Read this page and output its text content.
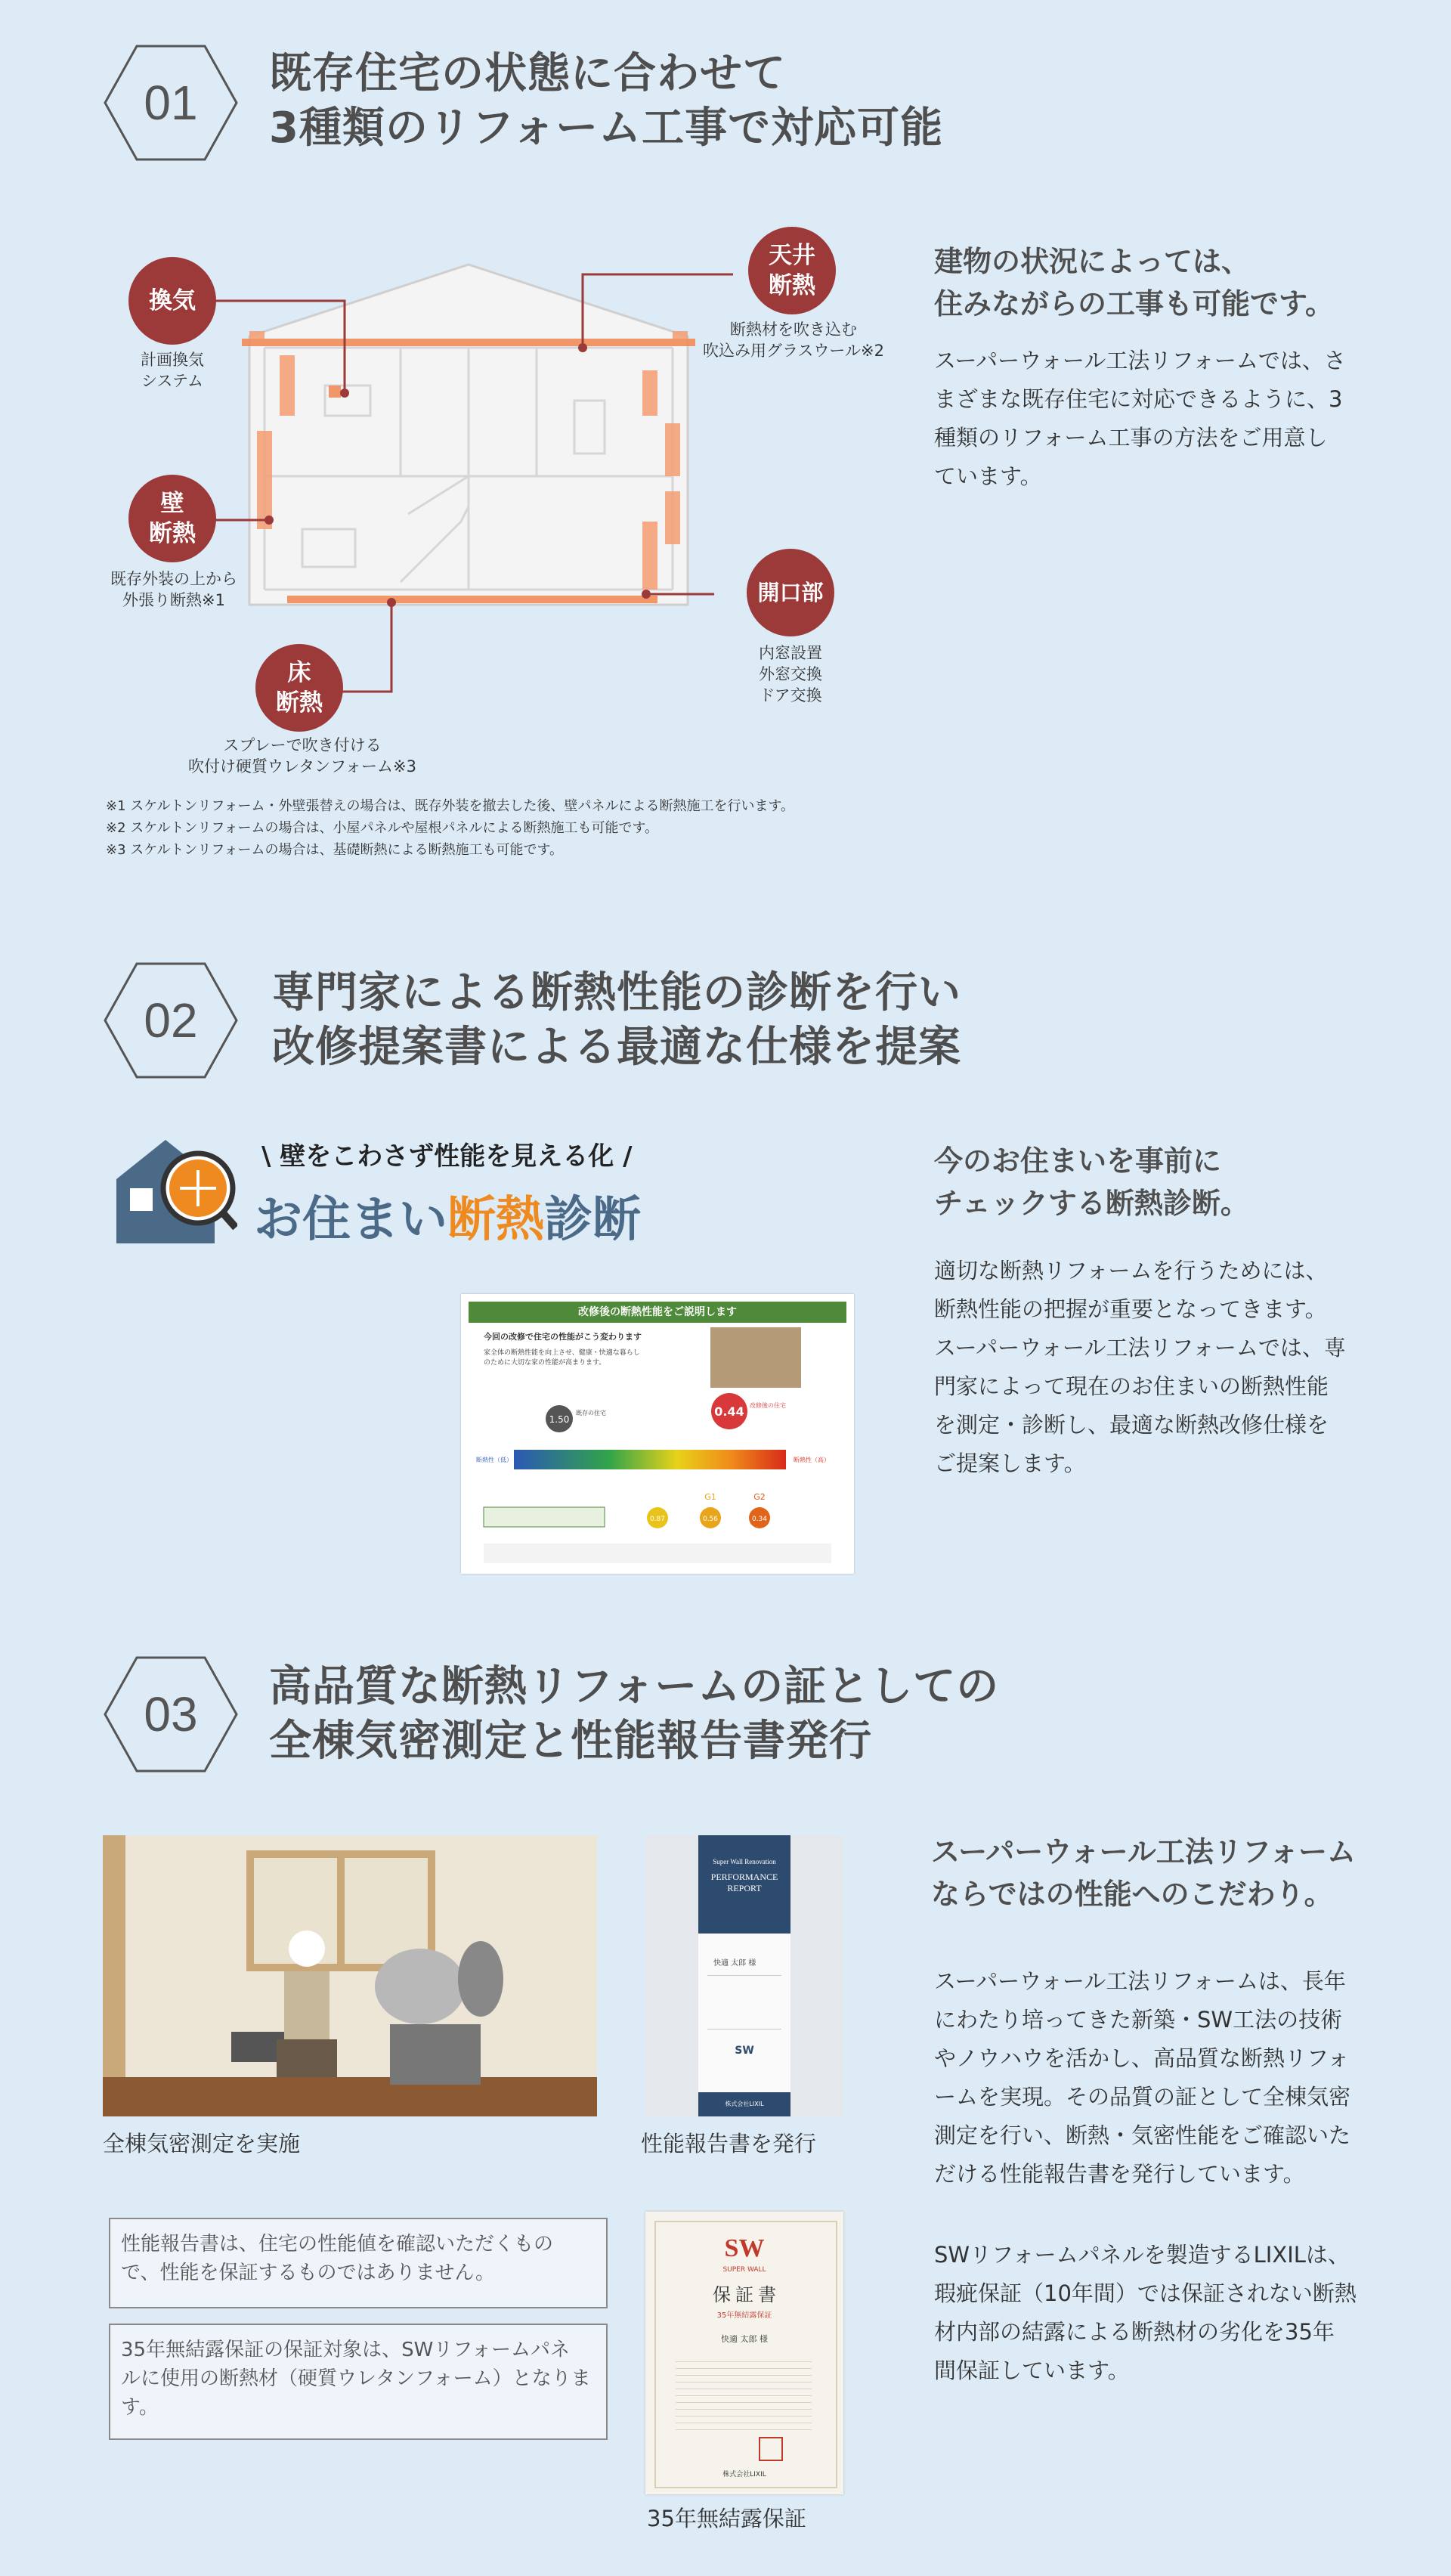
01
既存住宅の状態に合わせて
3種類のリフォーム工事で対応可能
換気
計画換気
システム
天井
断熱
断熱材を吹き込む
吹込み用グラスウール※2
壁
断熱
既存外装の上から
外張り断熱※1	開口部
内窓設置
外窓交換
ドア交換
床
断熱
スプレーで吹き付ける
吹付け硬質ウレタンフォーム※3
建物の状況によっては、
住みながらの工事も可能です。
スーパーウォール工法リフォームでは、さ
まざまな既存住宅に対応できるように、3
種類のリフォーム工事の方法をご用意し
ています。
※1 スケルトンリフォーム・外壁張替えの場合は、既存外装を撤去した後、壁パネルによる断熱施工を行います。
※2 スケルトンリフォームの場合は、小屋パネルや屋根パネルによる断熱施工も可能です。
※3 スケルトンリフォームの場合は、基礎断熱による断熱施工も可能です。
02
専門家による断熱性能の診断を行い
改修提案書による最適な仕様を提案
\ 壁をこわさず性能を見える化 /
お住まい断熱診断
改修後の断熱性能をご説明します
今回の改修で住宅の性能がこう変わります
家全体の断熱性能を向上させ、健康・快適な暮らし
のために大切な家の性能が高まります。
1.50
0.44
既存の住宅
改修後の住宅
断熱性（低）	断熱性（高）
G1	G2
0.87	0.56	0.34
今のお住まいを事前に
チェックする断熱診断。
適切な断熱リフォームを行うためには、
断熱性能の把握が重要となってきます。
スーパーウォール工法リフォームでは、専
門家によって現在のお住まいの断熱性能
を測定・診断し、最適な断熱改修仕様を
ご提案します。
03
高品質な断熱リフォームの証としての
全棟気密測定と性能報告書発行
全棟気密測定を実施
Super Wall Renovation
PERFORMANCE
REPORT
快適 太郎 様
SW
株式会社LIXIL
性能報告書を発行
性能報告書は、住宅の性能値を確認いただくもの
で、性能を保証するものではありません。
35年無結露保証の保証対象は、SWリフォームパネ
ルに使用の断熱材（硬質ウレタンフォーム）となりま
す。
SW
SUPER WALL
保 証 書
35年無結露保証
快適 太郎 様
株式会社LIXIL
35年無結露保証
スーパーウォール工法リフォーム
ならではの性能へのこだわり。
スーパーウォール工法リフォームは、長年
にわたり培ってきた新築・SW工法の技術
やノウハウを活かし、高品質な断熱リフォ
ームを実現。その品質の証として全棟気密
測定を行い、断熱・気密性能をご確認いた
だける性能報告書を発行しています。
SWリフォームパネルを製造するLIXILは、
瑕疵保証（10年間）では保証されない断熱
材内部の結露による断熱材の劣化を35年
間保証しています。
